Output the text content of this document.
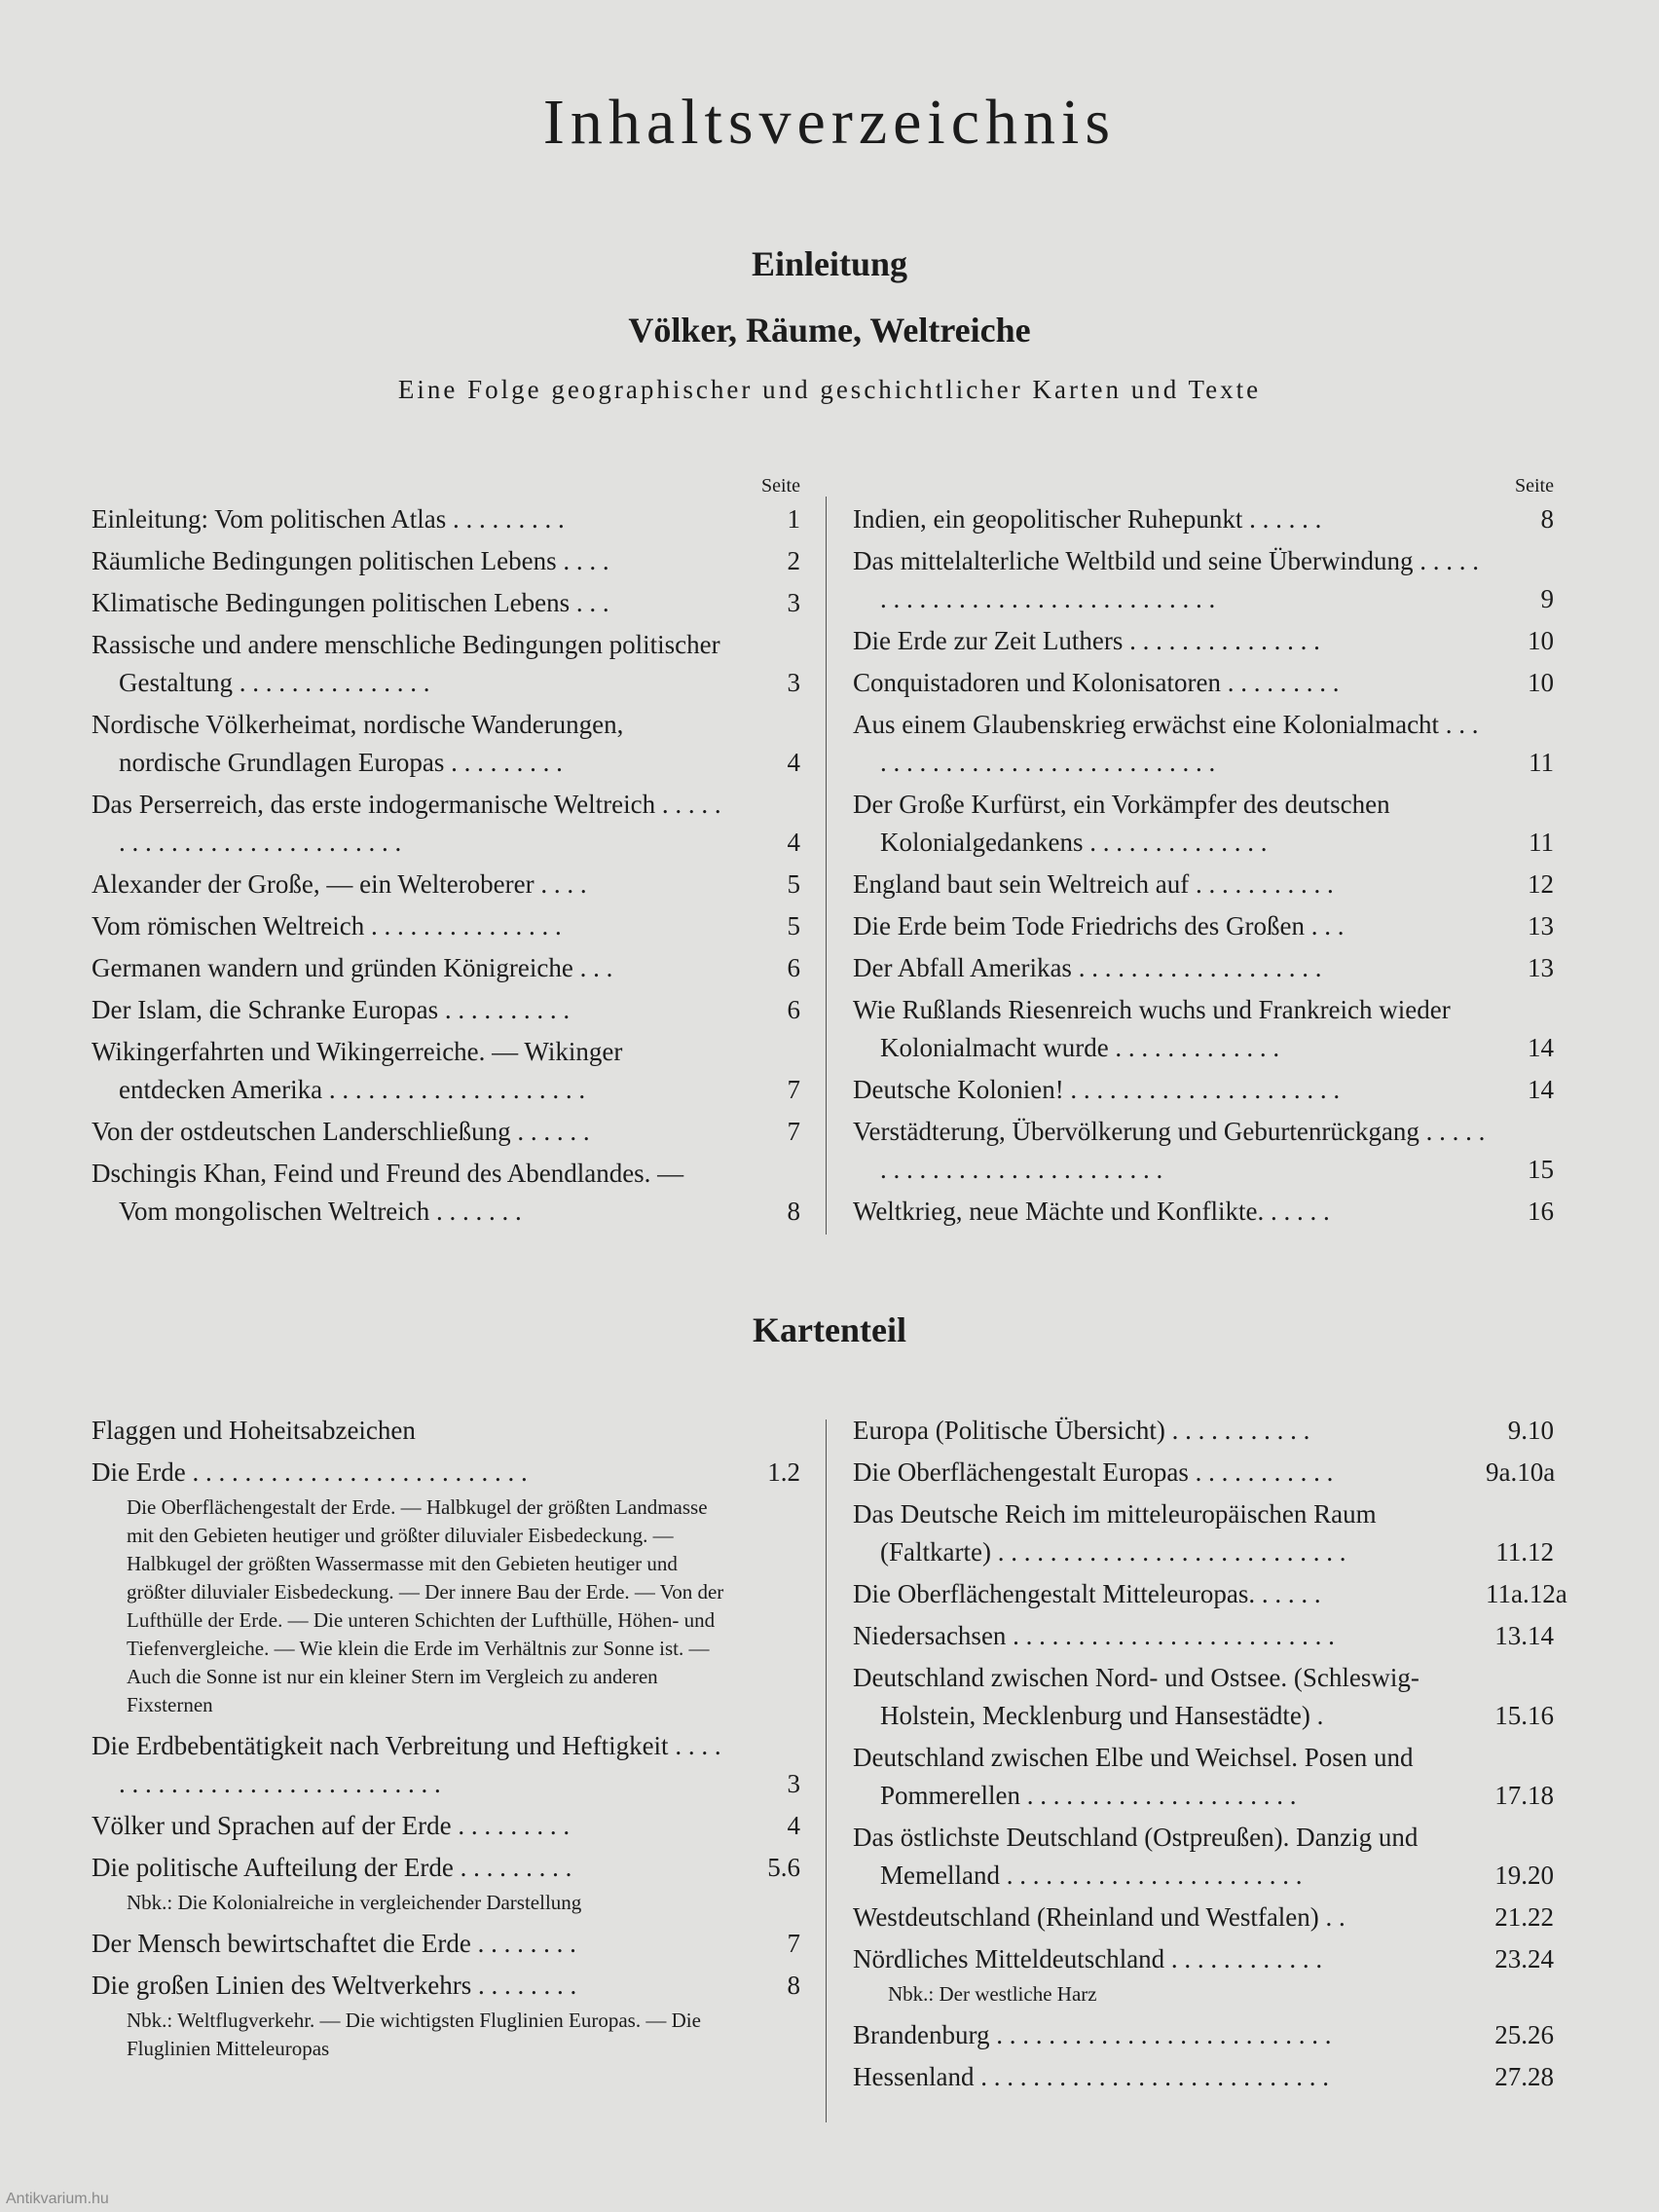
Inhaltsverzeichnis
Einleitung
Völker, Räume, Weltreiche

Eine Folge geographischer und geschichtlicher Karten und Texte

Seite
Einleitung: Vom politischen Atlas . . . . . . . . .	1
Räumliche Bedingungen politischen Lebens . . . .	2
Klimatische Bedingungen politischen Lebens . . .	3
Rassische und andere menschliche Bedingungen politischer Gestaltung . . . . . . . . . . . . . . .	3
Nordische Völkerheimat, nordische Wanderungen, nordische Grundlagen Europas . . . . . . . . .	4
Das Perserreich, das erste indogermanische Weltreich . . . . . . . . . . . . . . . . . . . . . . . . . . .	4
Alexander der Große, — ein Welteroberer . . . .	5
Vom römischen Weltreich . . . . . . . . . . . . . . .	5
Germanen wandern und gründen Königreiche . . .	6
Der Islam, die Schranke Europas . . . . . . . . . .	6
Wikingerfahrten und Wikingerreiche. — Wikinger entdecken Amerika . . . . . . . . . . . . . . . . . . . .	7
Von der ostdeutschen Landerschließung . . . . . .	7
Dschingis Khan, Feind und Freund des Abendlandes. — Vom mongolischen Weltreich . . . . . . .	8
Seite
Indien, ein geopolitischer Ruhepunkt . . . . . .	8
Das mittelalterliche Weltbild und seine Überwindung . . . . . . . . . . . . . . . . . . . . . . . . . . . . . . .	9
Die Erde zur Zeit Luthers . . . . . . . . . . . . . . .	10
Conquistadoren und Kolonisatoren . . . . . . . . .	10
Aus einem Glaubenskrieg erwächst eine Kolonialmacht . . . . . . . . . . . . . . . . . . . . . . . . . . . . .	11
Der Große Kurfürst, ein Vorkämpfer des deutschen Kolonialgedankens . . . . . . . . . . . . . .	11
England baut sein Weltreich auf . . . . . . . . . . .	12
Die Erde beim Tode Friedrichs des Großen . . .	13
Der Abfall Amerikas . . . . . . . . . . . . . . . . . . .	13
Wie Rußlands Riesenreich wuchs und Frankreich wieder Kolonialmacht wurde . . . . . . . . . . . . .	14
Deutsche Kolonien! . . . . . . . . . . . . . . . . . . . . .	14
Verstädterung, Übervölkerung und Geburtenrückgang . . . . . . . . . . . . . . . . . . . . . . . . . . .	15
Weltkrieg, neue Mächte und Konflikte. . . . . .	16
Kartenteil
Flaggen und Hoheitsabzeichen
Die Erde . . . . . . . . . . . . . . . . . . . . . . . . . .	1.2
Die Oberflächengestalt der Erde. — Halbkugel der größten Landmasse mit den Gebieten heutiger und größter diluvialer Eisbedeckung. — Halbkugel der größten Wassermasse mit den Gebieten heutiger und größter diluvialer Eisbedeckung. — Der innere Bau der Erde. — Von der Lufthülle der Erde. — Die unteren Schichten der Lufthülle, Höhen- und Tiefenvergleiche. — Wie klein die Erde im Verhältnis zur Sonne ist. — Auch die Sonne ist nur ein kleiner Stern im Vergleich zu anderen Fixsternen
Die Erdbebentätigkeit nach Verbreitung und Heftigkeit . . . . . . . . . . . . . . . . . . . . . . . . . . . . .	3
Völker und Sprachen auf der Erde . . . . . . . . .	4
Die politische Aufteilung der Erde . . . . . . . . .	5.6
Nbk.: Die Kolonialreiche in vergleichender Darstellung
Der Mensch bewirtschaftet die Erde . . . . . . . .	7
Die großen Linien des Weltverkehrs . . . . . . . .	8
Nbk.: Weltflugverkehr. — Die wichtigsten Fluglinien Europas. — Die Fluglinien Mitteleuropas
Europa (Politische Übersicht) . . . . . . . . . . .	9.10
Die Oberflächengestalt Europas . . . . . . . . . . .	9a.10a
Das Deutsche Reich im mitteleuropäischen Raum (Faltkarte) . . . . . . . . . . . . . . . . . . . . . . . . . . .	11.12
Die Oberflächengestalt Mitteleuropas. . . . . .	11a.12a
Niedersachsen . . . . . . . . . . . . . . . . . . . . . . . . .	13.14
Deutschland zwischen Nord- und Ostsee. (Schleswig-Holstein, Mecklenburg und Hansestädte) .	15.16
Deutschland zwischen Elbe und Weichsel. Posen und Pommerellen . . . . . . . . . . . . . . . . . . . . .	17.18
Das östlichste Deutschland (Ostpreußen). Danzig und Memelland . . . . . . . . . . . . . . . . . . . . . . .	19.20
Westdeutschland (Rheinland und Westfalen) . .	21.22
Nördliches Mitteldeutschland . . . . . . . . . . . .	23.24
Nbk.: Der westliche Harz
Brandenburg . . . . . . . . . . . . . . . . . . . . . . . . . .	25.26
Hessenland . . . . . . . . . . . . . . . . . . . . . . . . . . .	27.28
Antikvarium.hu
